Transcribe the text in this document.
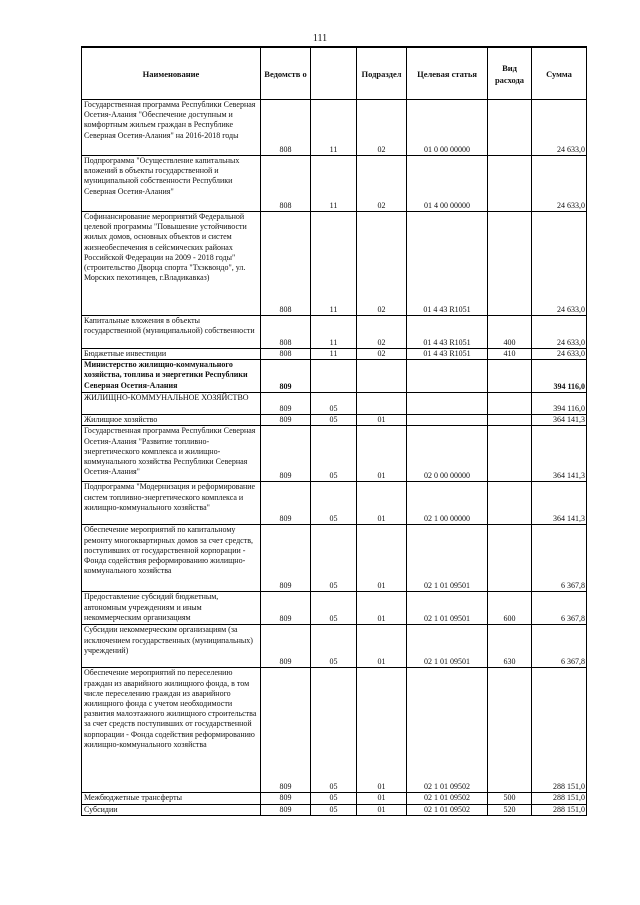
111
Наименование	Ведомств о		Подраздел	Целевая статья	Вид расхода	Сумма
Государственная программа Республики Северная Осетия-Алания "Обеспечение доступным и комфортным жильем граждан в Республике Северная Осетия-Алания" на 2016-2018 годы	808	11	02	01 0 00 00000		24 633,0
Подпрограмма "Осуществление капитальных вложений в объекты государственной и муниципальной собственности Республики Северная Осетия-Алания"	808	11	02	01 4 00 00000		24 633,0
Софинансирование мероприятий Федеральной целевой программы "Повышение устойчивости жилых домов, основных объектов и систем жизнеобеспечения в сейсмических районах Российской Федерации на 2009 - 2018 годы" (строительство Дворца спорта "Тхэквондо", ул. Морских пехотинцев, г.Владикавказ)	808	11	02	01 4 43 R1051		24 633,0
Капитальные вложения в объекты государственной (муниципальной) собственности	808	11	02	01 4 43 R1051	400	24 633,0
Бюджетные инвестиции	808	11	02	01 4 43 R1051	410	24 633,0
Министерство жилищно-коммунального хозяйства, топлива и энергетики Республики Северная Осетия-Алания	809					394 116,0
ЖИЛИЩНО-КОММУНАЛЬНОЕ ХОЗЯЙСТВО	809	05				394 116,0
Жилищное хозяйство	809	05	01			364 141,3
Государственная программа Республики Северная Осетия-Алания "Развитие топливно-энергетического комплекса и жилищно-коммунального хозяйства Республики Северная Осетия-Алания"	809	05	01	02 0 00 00000		364 141,3
Подпрограмма "Модернизация и реформирование систем топливно-энергетического комплекса и жилищно-коммунального хозяйства"	809	05	01	02 1 00 00000		364 141,3
Обеспечение мероприятий по капитальному ремонту многоквартирных домов за счет средств, поступивших от государственной корпорации - Фонда содействия реформированию жилищно-коммунального хозяйства	809	05	01	02 1 01 09501		6 367,8
Предоставление субсидий бюджетным, автономным учреждениям и иным некоммерческим организациям	809	05	01	02 1 01 09501	600	6 367,8
Субсидии некоммерческим организациям (за исключением государственных (муниципальных) учреждений)	809	05	01	02 1 01 09501	630	6 367,8
Обеспечение мероприятий по переселению граждан из аварийного жилищного фонда, в том числе переселению граждан из аварийного жилищного фонда с учетом необходимости развития малоэтажного жилищного строительства за счет средств поступивших от государственной корпорации - Фонда содействия реформированию жилищно-коммунального хозяйства	809	05	01	02 1 01 09502		288 151,0
Межбюджетные трансферты	809	05	01	02 1 01 09502	500	288 151,0
Субсидии	809	05	01	02 1 01 09502	520	288 151,0
